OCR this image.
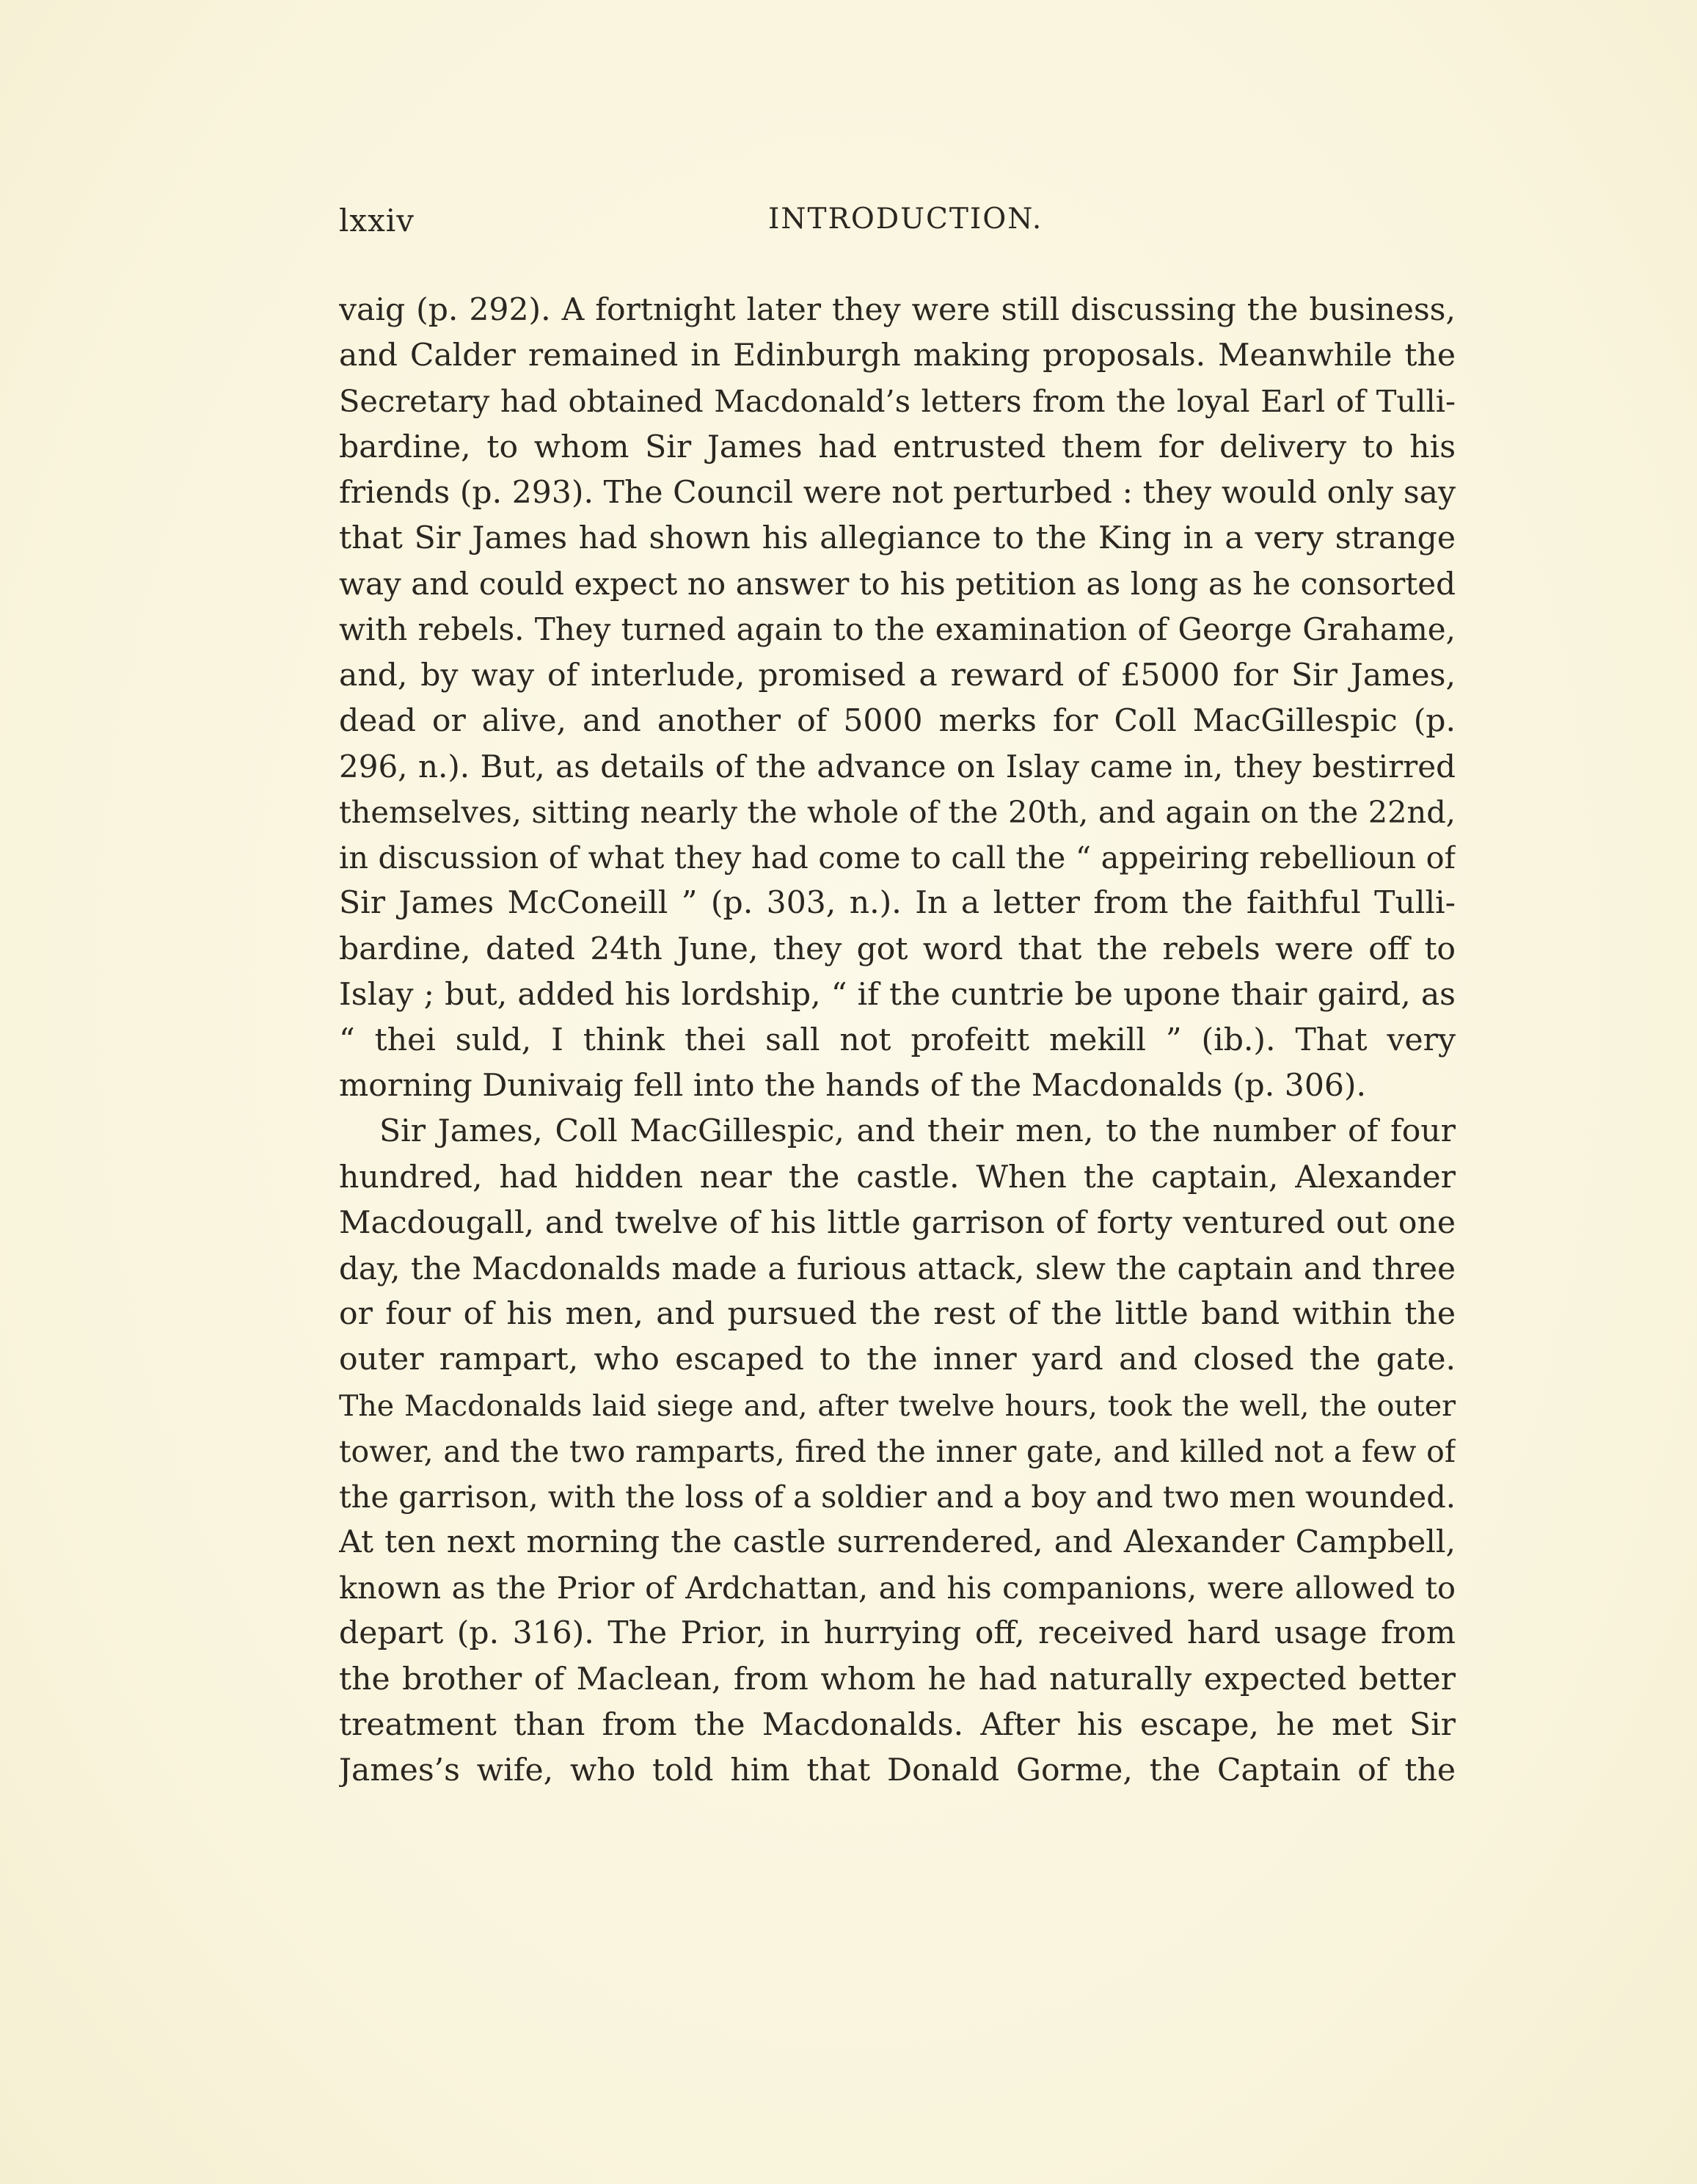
lxxiv	INTRODUCTION.
vaig (p. 292). A fortnight later they were still discussing the business,
and Calder remained in Edinburgh making proposals. Meanwhile the
Secretary had obtained Macdonald’s letters from the loyal Earl of Tulli-
bardine, to whom Sir James had entrusted them for delivery to his
friends (p. 293). The Council were not perturbed : they would only say
that Sir James had shown his allegiance to the King in a very strange
way and could expect no answer to his petition as long as he consorted
with rebels. They turned again to the examination of George Grahame,
and, by way of interlude, promised a reward of £5000 for Sir James,
dead or alive, and another of 5000 merks for Coll MacGillespic (p.
296, n.). But, as details of the advance on Islay came in, they bestirred
themselves, sitting nearly the whole of the 20th, and again on the 22nd,
in discussion of what they had come to call the “ appeiring rebellioun of
Sir James McConeill ” (p. 303, n.). In a letter from the faithful Tulli-
bardine, dated 24th June, they got word that the rebels were off to
Islay ; but, added his lordship, “ if the cuntrie be upone thair gaird, as
“ thei suld, I think thei sall not profeitt mekill ” (ib.). That very
morning Dunivaig fell into the hands of the Macdonalds (p. 306).
Sir James, Coll MacGillespic, and their men, to the number of four
hundred, had hidden near the castle. When the captain, Alexander
Macdougall, and twelve of his little garrison of forty ventured out one
day, the Macdonalds made a furious attack, slew the captain and three
or four of his men, and pursued the rest of the little band within the
outer rampart, who escaped to the inner yard and closed the gate.
The Macdonalds laid siege and, after twelve hours, took the well, the outer
tower, and the two ramparts, fired the inner gate, and killed not a few of
the garrison, with the loss of a soldier and a boy and two men wounded.
At ten next morning the castle surrendered, and Alexander Campbell,
known as the Prior of Ardchattan, and his companions, were allowed to
depart (p. 316). The Prior, in hurrying off, received hard usage from
the brother of Maclean, from whom he had naturally expected better
treatment than from the Macdonalds. After his escape, he met Sir
James’s wife, who told him that Donald Gorme, the Captain of the
